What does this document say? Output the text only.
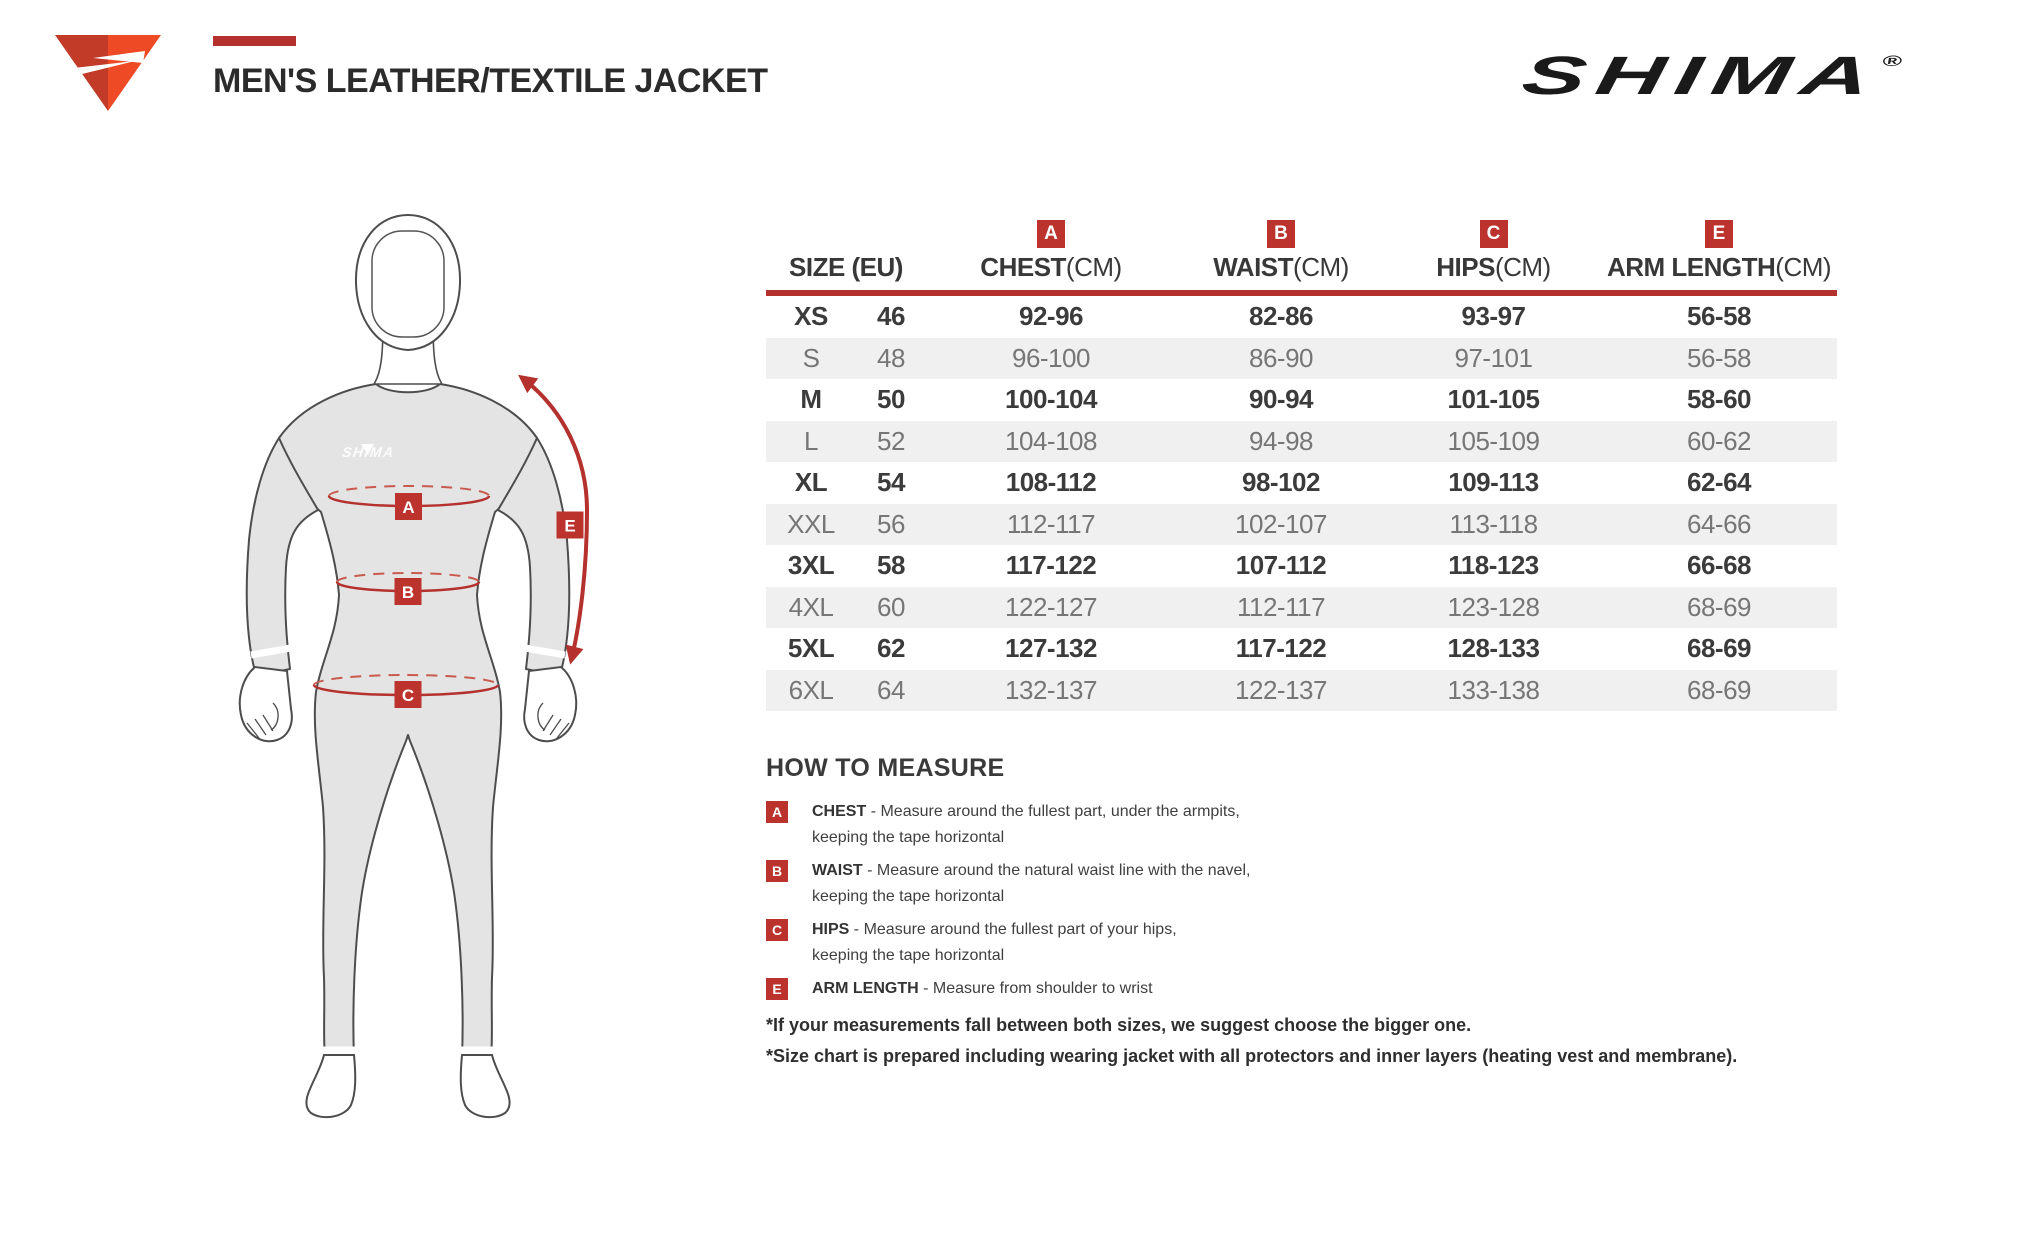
MEN'S LEATHER/TEXTILE JACKET	SHIMA®
SHIMA
A
B
C
E
A	B	C	E
SIZE (EU)	CHEST(CM)	WAIST(CM)	HIPS(CM)	ARM LENGTH(CM)
XS	46	92-96	82-86	93-97	56-58
S	48	96-100	86-90	97-101	56-58
M	50	100-104	90-94	101-105	58-60
L	52	104-108	94-98	105-109	60-62
XL	54	108-112	98-102	109-113	62-64
XXL	56	112-117	102-107	113-118	64-66
3XL	58	117-122	107-112	118-123	66-68
4XL	60	122-127	112-117	123-128	68-69
5XL	62	127-132	117-122	128-133	68-69
6XL	64	132-137	122-137	133-138	68-69
HOW TO MEASURE
A	CHEST - Measure around the fullest part, under the armpits,
keeping the tape horizontal
B	WAIST - Measure around the natural waist line with the navel,
keeping the tape horizontal
C	HIPS - Measure around the fullest part of your hips,
keeping the tape horizontal
E	ARM LENGTH - Measure from shoulder to wrist
*If your measurements fall between both sizes, we suggest choose the bigger one.
*Size chart is prepared including wearing jacket with all protectors and inner layers (heating vest and membrane).
